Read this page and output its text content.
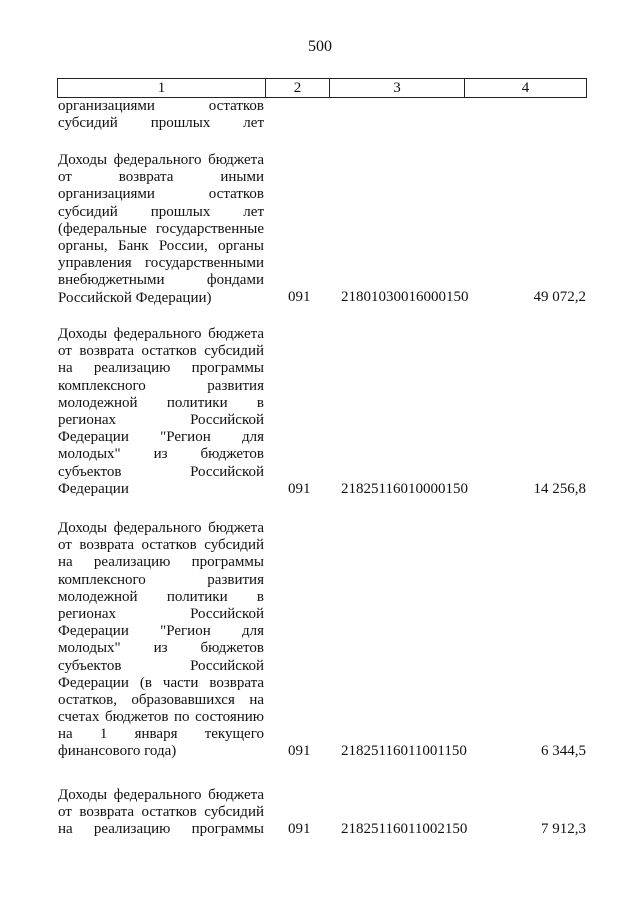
500
1	2	3	4
организациями остатков
субсидий прошлых лет
Доходы федерального бюджета
от возврата иными
организациями остатков
субсидий прошлых лет
(федеральные государственные
органы, Банк России, органы
управления государственными
внебюджетными фондами
Российской Федерации)	091 21801030016000150	49 072,2
Доходы федерального бюджета
от возврата остатков субсидий
на реализацию программы
комплексного развития
молодежной политики в
регионах Российской
Федерации "Регион для
молодых" из бюджетов
субъектов Российской
Федерации	091 21825116010000150	14 256,8
Доходы федерального бюджета
от возврата остатков субсидий
на реализацию программы
комплексного развития
молодежной политики в
регионах Российской
Федерации "Регион для
молодых" из бюджетов
субъектов Российской
Федерации (в части возврата
остатков, образовавшихся на
счетах бюджетов по состоянию
на 1 января текущего
финансового года)	091 21825116011001150	6 344,5
Доходы федерального бюджета
от возврата остатков субсидий
на реализацию программы 091 21825116011002150	7 912,3
